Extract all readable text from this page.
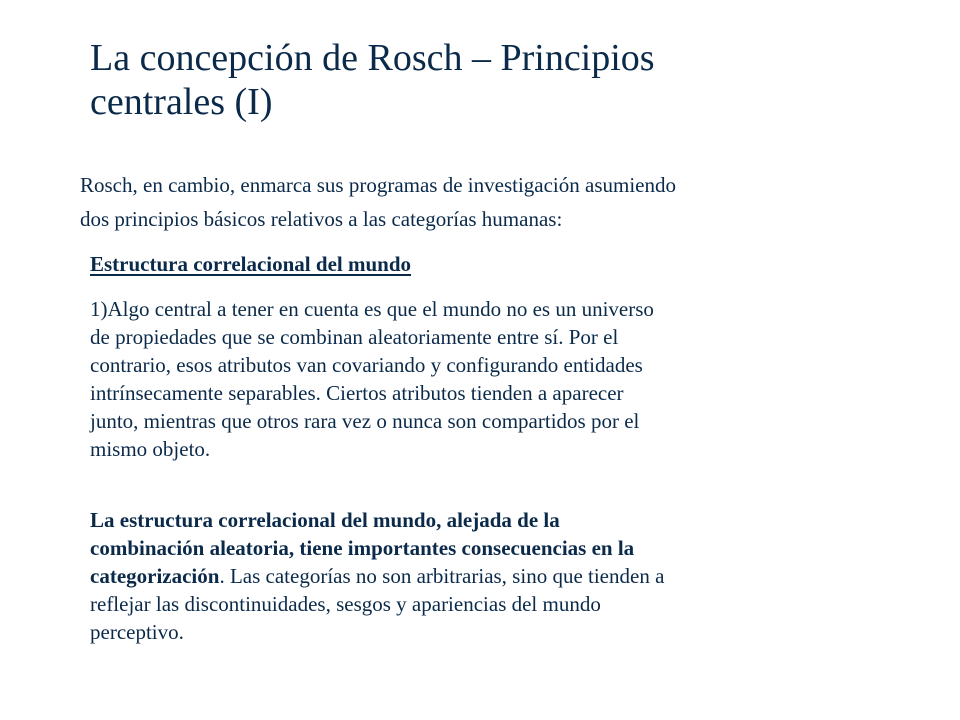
La concepción de Rosch – Principios
centrales (I)

Rosch, en cambio, enmarca sus programas de investigación asumiendo
dos principios básicos relativos a las categorías humanas:

Estructura correlacional del mundo

1)Algo central a tener en cuenta es que el mundo no es un universo
de propiedades que se combinan aleatoriamente entre sí. Por el
contrario, esos atributos van covariando y configurando entidades
intrínsecamente separables. Ciertos atributos tienden a aparecer
junto, mientras que otros rara vez o nunca son compartidos por el
mismo objeto.

La estructura correlacional del mundo, alejada de la
combinación aleatoria, tiene importantes consecuencias en la
categorización. Las categorías no son arbitrarias, sino que tienden a
reflejar las discontinuidades, sesgos y apariencias del mundo
perceptivo.
